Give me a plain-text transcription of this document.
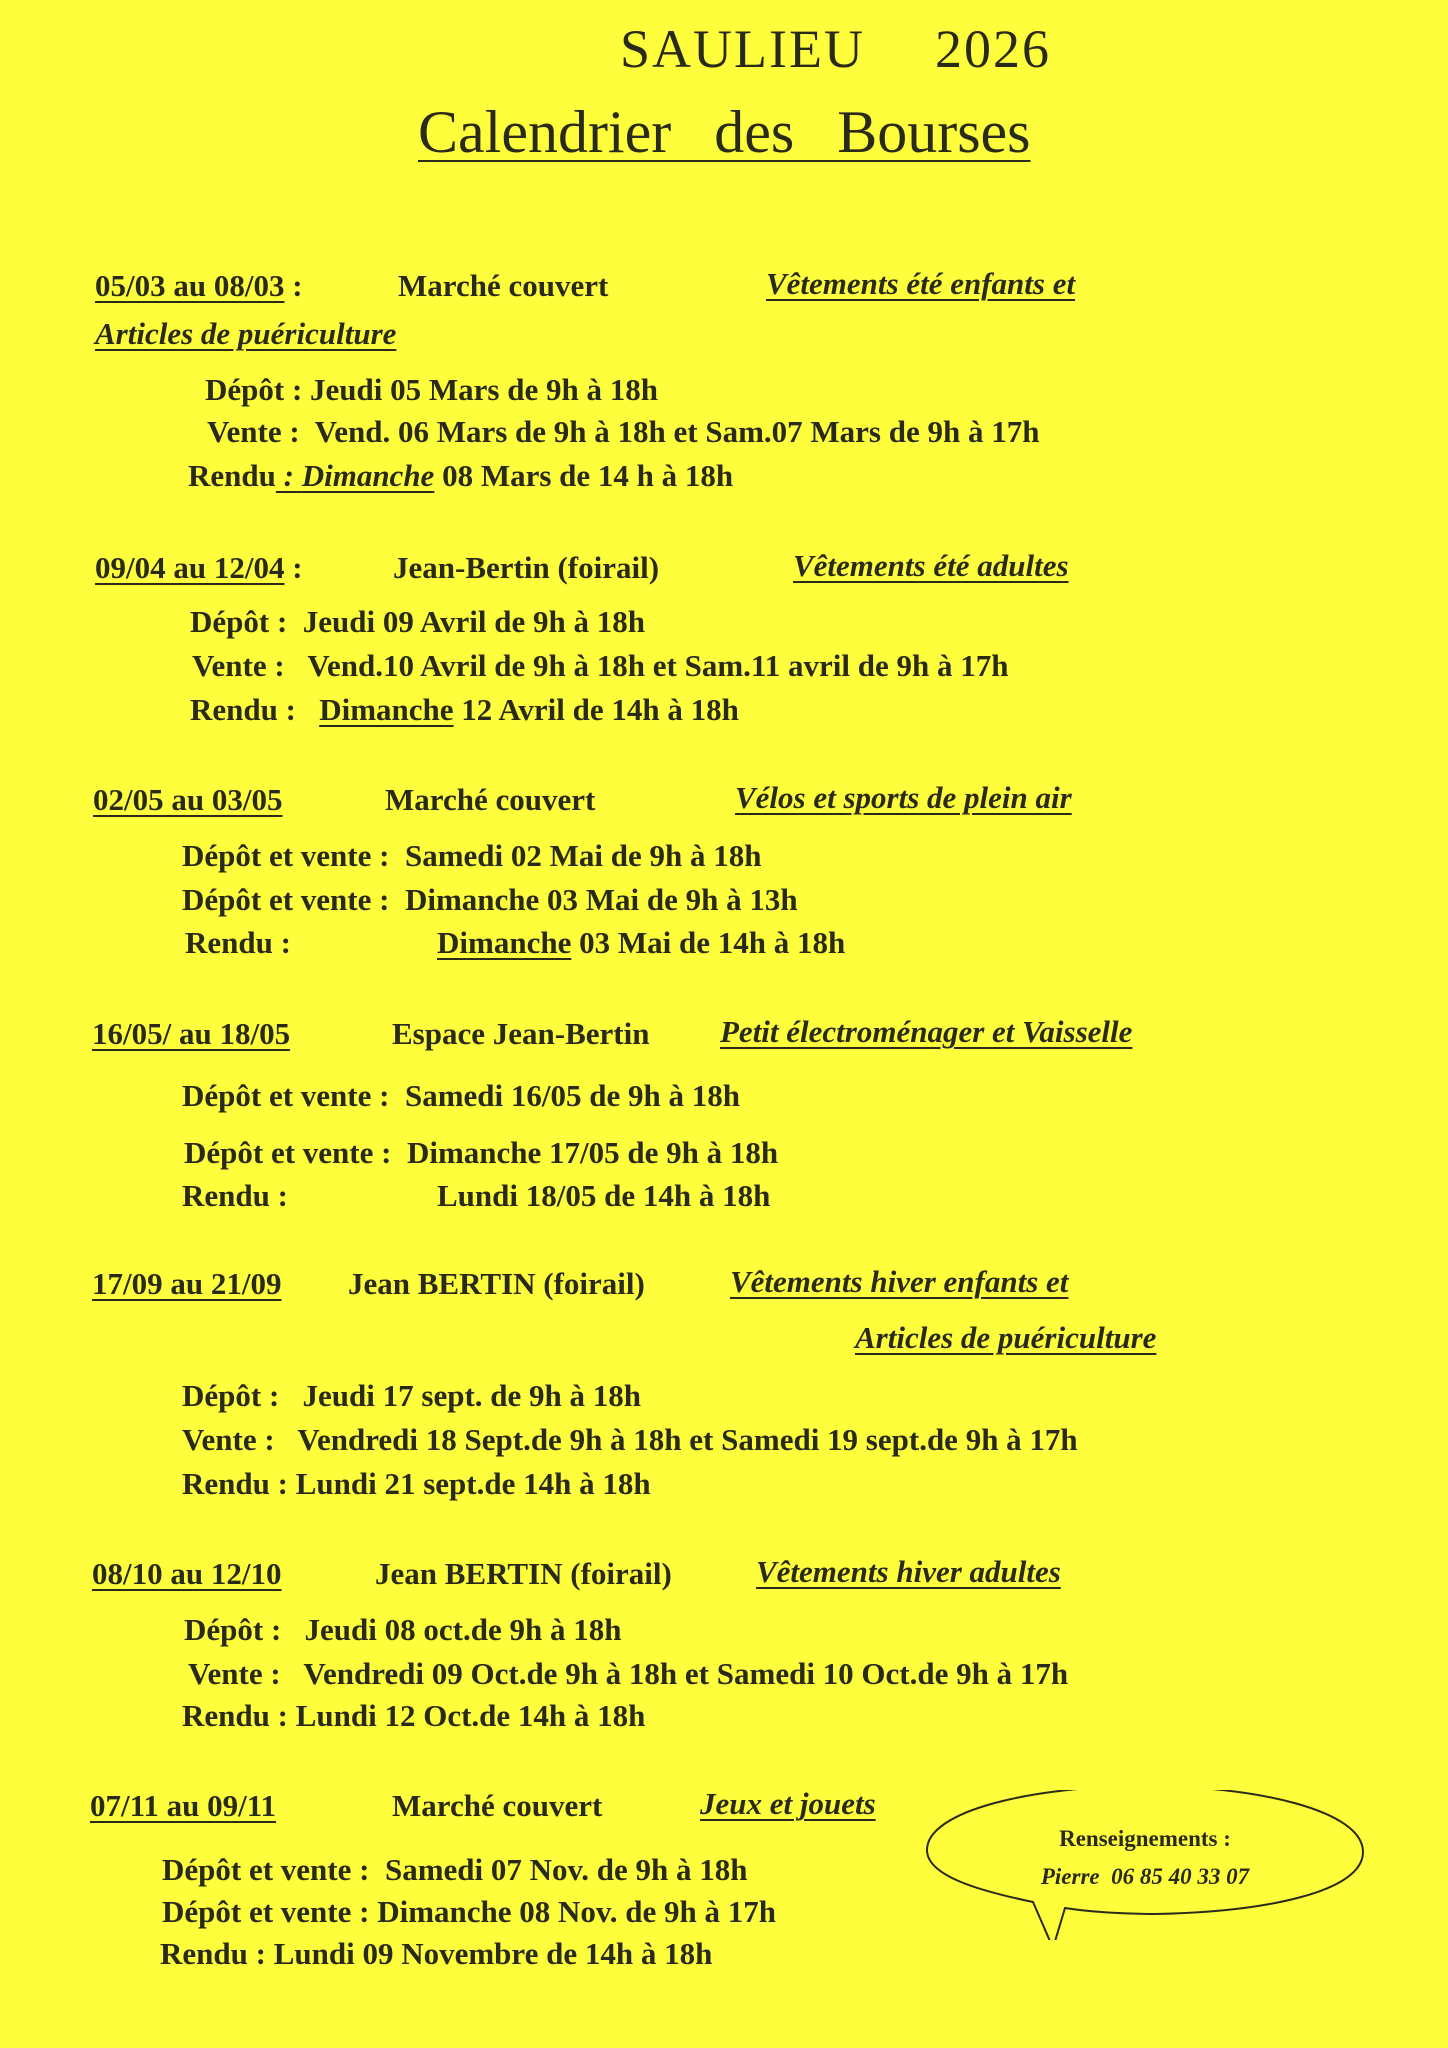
SAULIEU 2026
Calendrier des Bourses
05/03 au 08/03 :	Marché couvert	Vêtements été enfants et
Articles de puériculture
Dépôt : Jeudi 05 Mars de 9h à 18h
Vente : Vend. 06 Mars de 9h à 18h et Sam.07 Mars de 9h à 17h
Rendu : Dimanche 08 Mars de 14 h à 18h
09/04 au 12/04 :	Jean-Bertin (foirail)	Vêtements été adultes
Dépôt : Jeudi 09 Avril de 9h à 18h
Vente : Vend.10 Avril de 9h à 18h et Sam.11 avril de 9h à 17h
Rendu : Dimanche 12 Avril de 14h à 18h
02/05 au 03/05	Marché couvert	Vélos et sports de plein air
Dépôt et vente : Samedi 02 Mai de 9h à 18h
Dépôt et vente : Dimanche 03 Mai de 9h à 13h
Rendu :	Dimanche 03 Mai de 14h à 18h
16/05/ au 18/05	Espace Jean-Bertin Petit électroménager et Vaisselle
Dépôt et vente : Samedi 16/05 de 9h à 18h
Dépôt et vente : Dimanche 17/05 de 9h à 18h
Rendu :	Lundi 18/05 de 14h à 18h
17/09 au 21/09 Jean BERTIN (foirail)	Vêtements hiver enfants et
Articles de puériculture
Dépôt : Jeudi 17 sept. de 9h à 18h
Vente : Vendredi 18 Sept.de 9h à 18h et Samedi 19 sept.de 9h à 17h
Rendu : Lundi 21 sept.de 14h à 18h
08/10 au 12/10	Jean BERTIN (foirail)	Vêtements hiver adultes
Dépôt : Jeudi 08 oct.de 9h à 18h
Vente : Vendredi 09 Oct.de 9h à 18h et Samedi 10 Oct.de 9h à 17h
Rendu : Lundi 12 Oct.de 14h à 18h
07/11 au 09/11	Marché couvert	Jeux et jouets
Dépôt et vente : Samedi 07 Nov. de 9h à 18h
Dépôt et vente : Dimanche 08 Nov. de 9h à 17h
Rendu : Lundi 09 Novembre de 14h à 18h
Renseignements :
Pierre 06 85 40 33 07
